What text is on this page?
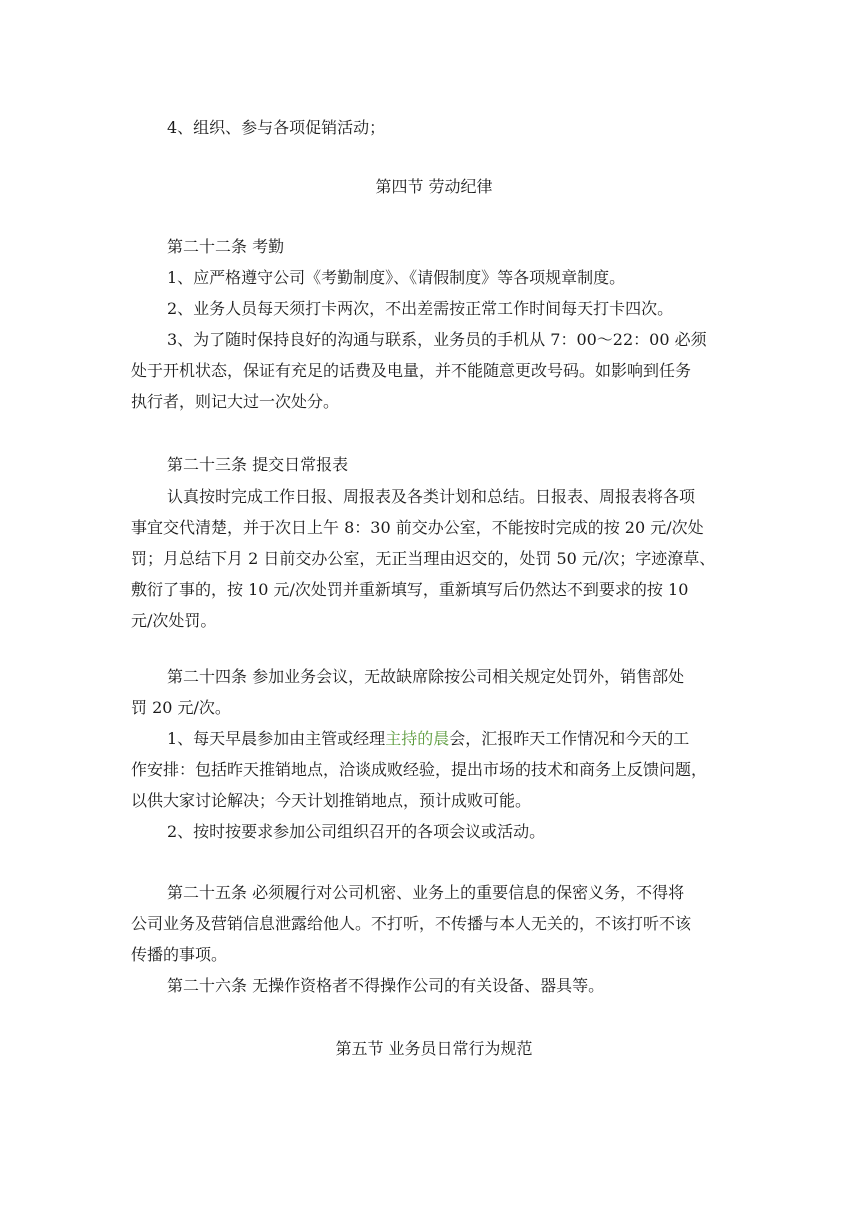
4、组织、参与各项促销活动；

第四节 劳动纪律

第二十二条 考勤

1、应严格遵守公司《考勤制度》、《请假制度》等各项规章制度。

2、业务人员每天须打卡两次，不出差需按正常工作时间每天打卡四次。

3、为了随时保持良好的沟通与联系，业务员的手机从 7：00～22：00 必须

处于开机状态，保证有充足的话费及电量，并不能随意更改号码。如影响到任务

执行者，则记大过一次处分。

第二十三条 提交日常报表

认真按时完成工作日报、周报表及各类计划和总结。日报表、周报表将各项

事宜交代清楚，并于次日上午 8：30 前交办公室，不能按时完成的按 20 元/次处

罚；月总结下月 2 日前交办公室，无正当理由迟交的，处罚 50 元/次；字迹潦草、

敷衍了事的，按 10 元/次处罚并重新填写，重新填写后仍然达不到要求的按 10

元/次处罚。

第二十四条 参加业务会议，无故缺席除按公司相关规定处罚外，销售部处

罚 20 元/次。

1、每天早晨参加由主管或经理主持的晨会，汇报昨天工作情况和今天的工

作安排：包括昨天推销地点，洽谈成败经验，提出市场的技术和商务上反馈问题，

以供大家讨论解决；今天计划推销地点，预计成败可能。

2、按时按要求参加公司组织召开的各项会议或活动。

第二十五条 必须履行对公司机密、业务上的重要信息的保密义务，不得将

公司业务及营销信息泄露给他人。不打听，不传播与本人无关的，不该打听不该

传播的事项。

第二十六条 无操作资格者不得操作公司的有关设备、器具等。

第五节 业务员日常行为规范
